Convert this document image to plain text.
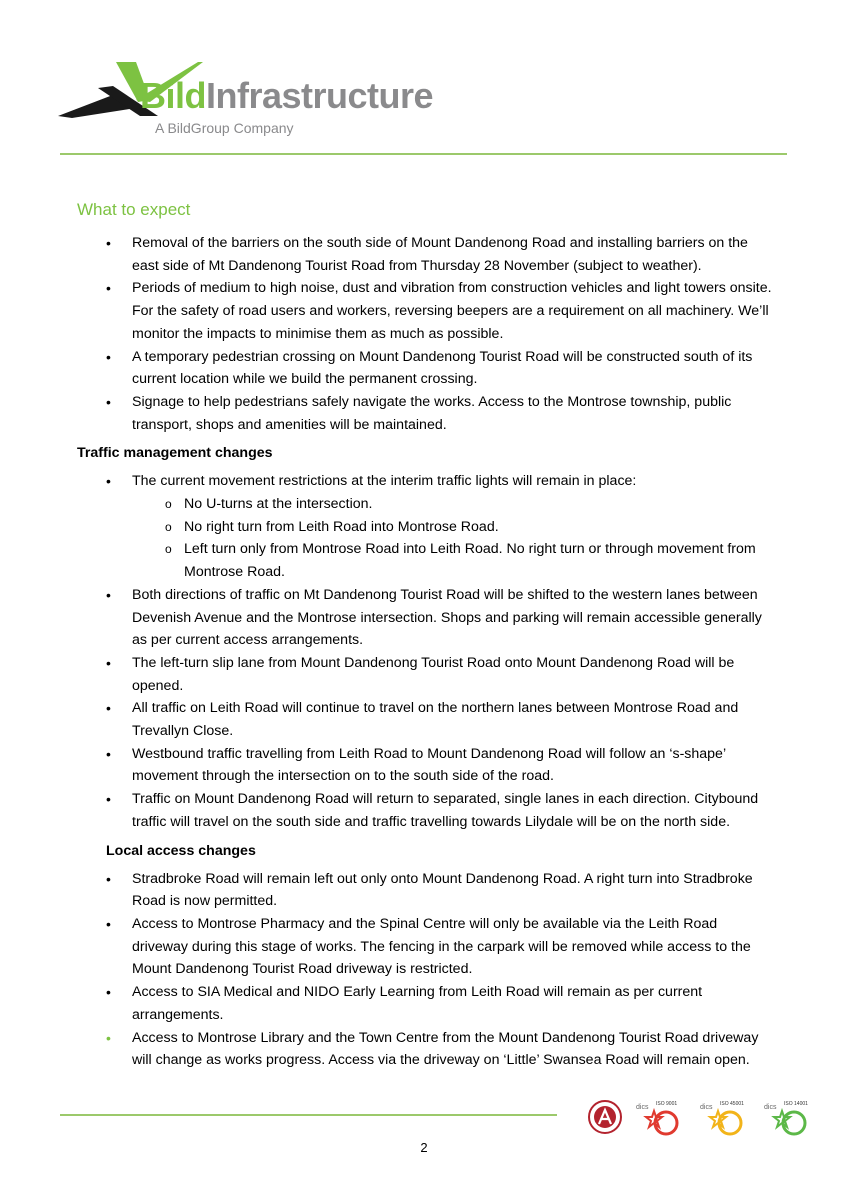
BildInfrastructure
A BildGroup Company
What to expect
• Removal of the barriers on the south side of Mount Dandenong Road and installing barriers on the east side of Mt Dandenong Tourist Road from Thursday 28 November (subject to weather).
• Periods of medium to high noise, dust and vibration from construction vehicles and light towers onsite. For the safety of road users and workers, reversing beepers are a requirement on all machinery. We’ll monitor the impacts to minimise them as much as possible.
• A temporary pedestrian crossing on Mount Dandenong Tourist Road will be constructed south of its current location while we build the permanent crossing.
• Signage to help pedestrians safely navigate the works. Access to the Montrose township, public transport, shops and amenities will be maintained.
Traffic management changes
• The current movement restrictions at the interim traffic lights will remain in place:
o No U-turns at the intersection.
o No right turn from Leith Road into Montrose Road.
o Left turn only from Montrose Road into Leith Road. No right turn or through movement from Montrose Road.
• Both directions of traffic on Mt Dandenong Tourist Road will be shifted to the western lanes between Devenish Avenue and the Montrose intersection. Shops and parking will remain accessible generally as per current access arrangements.
• The left-turn slip lane from Mount Dandenong Tourist Road onto Mount Dandenong Road will be opened.
• All traffic on Leith Road will continue to travel on the northern lanes between Montrose Road and Trevallyn Close.
• Westbound traffic travelling from Leith Road to Mount Dandenong Road will follow an ‘s-shape’ movement through the intersection on to the south side of the road.
• Traffic on Mount Dandenong Road will return to separated, single lanes in each direction. Citybound traffic will travel on the south side and traffic travelling towards Lilydale will be on the north side.
Local access changes
• Stradbroke Road will remain left out only onto Mount Dandenong Road. A right turn into Stradbroke Road is now permitted.
• Access to Montrose Pharmacy and the Spinal Centre will only be available via the Leith Road driveway during this stage of works. The fencing in the carpark will be removed while access to the Mount Dandenong Tourist Road driveway is restricted.
• Access to SIA Medical and NIDO Early Learning from Leith Road will remain as per current arrangements.
• Access to Montrose Library and the Town Centre from the Mount Dandenong Tourist Road driveway will change as works progress. Access via the driveway on ‘Little’ Swansea Road will remain open.
dics ISO 9001	dics ISO 45001	dics ISO 14001
2
